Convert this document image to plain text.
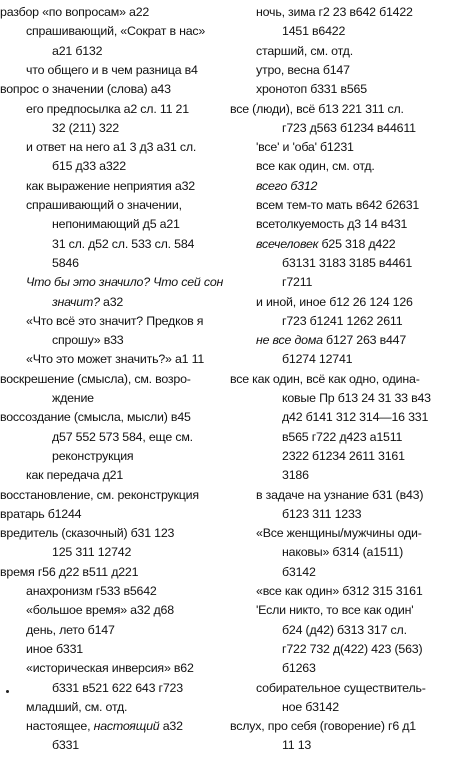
разбор «по вопросам» а22
спрашивающий, «Сократ в нас»
а21 б132
что общего и в чем разница в4
вопрос о значении (слова) а43
его предпосылка а2 сл. 11 21
32 (211) 322
и ответ на него а1 3 д3 а31 сл.
б15 д33 а322
как выражение неприятия а32
спрашивающий о значении,
непонимающий д5 а21
31 сл. д52 сл. 533 сл. 584
5846
Что бы это значило? Что сей сон
значит? а32
«Что всё это значит? Предков я
спрошу» в33
«Что это может значить?» а1 11
воскрешение (смысла), см. возро-
ждение
воссоздание (смысла, мысли) в45
д57 552 573 584, еще см.
реконструкция
как передача д21
восстановление, см. реконструкция
вратарь б1244
вредитель (сказочный) б31 123
125 311 12742
время г56 д22 в511 д221
анахронизм г533 в5642
«большое время» а32 д68
день, лето б147
иное б331
«историческая инверсия» в62
б331 в521 622 643 г723
младший, см. отд.
настоящее, настоящий а32
б331
ночь, зима г2 23 в642 б1422
1451 в6422
старший, см. отд.
утро, весна б147
хронотоп б331 в565
все (люди), всё б13 221 311 сл.
г723 д563 б1234 в44611
'все' и 'оба' б1231
все как один, см. отд.
всего б312
всем тем-то мать в642 б2631
всетолкуемость д3 14 в431
всечеловек б25 318 д422
б3131 3183 3185 в4461
г7211
и иной, иное б12 26 124 126
г723 б1241 1262 2611
не все дома б127 263 в447
б1274 12741
все как один, всё как одно, одина-
ковые Пр б13 24 31 33 в43
д42 б141 312 314—16 331
в565 г722 д423 а1511
2322 б1234 2611 3161
3186
в задаче на узнание б31 (в43)
б123 311 1233
«Все женщины/мужчины оди-
наковы» б314 (а1511)
б3142
«все как один» б312 315 3161
'Если никто, то все как один'
б24 (д42) б313 317 сл.
г722 732 д(422) 423 (563)
б1263
собирательное существитель-
ное б3142
вслух, про себя (говорение) г6 д1
11 13
